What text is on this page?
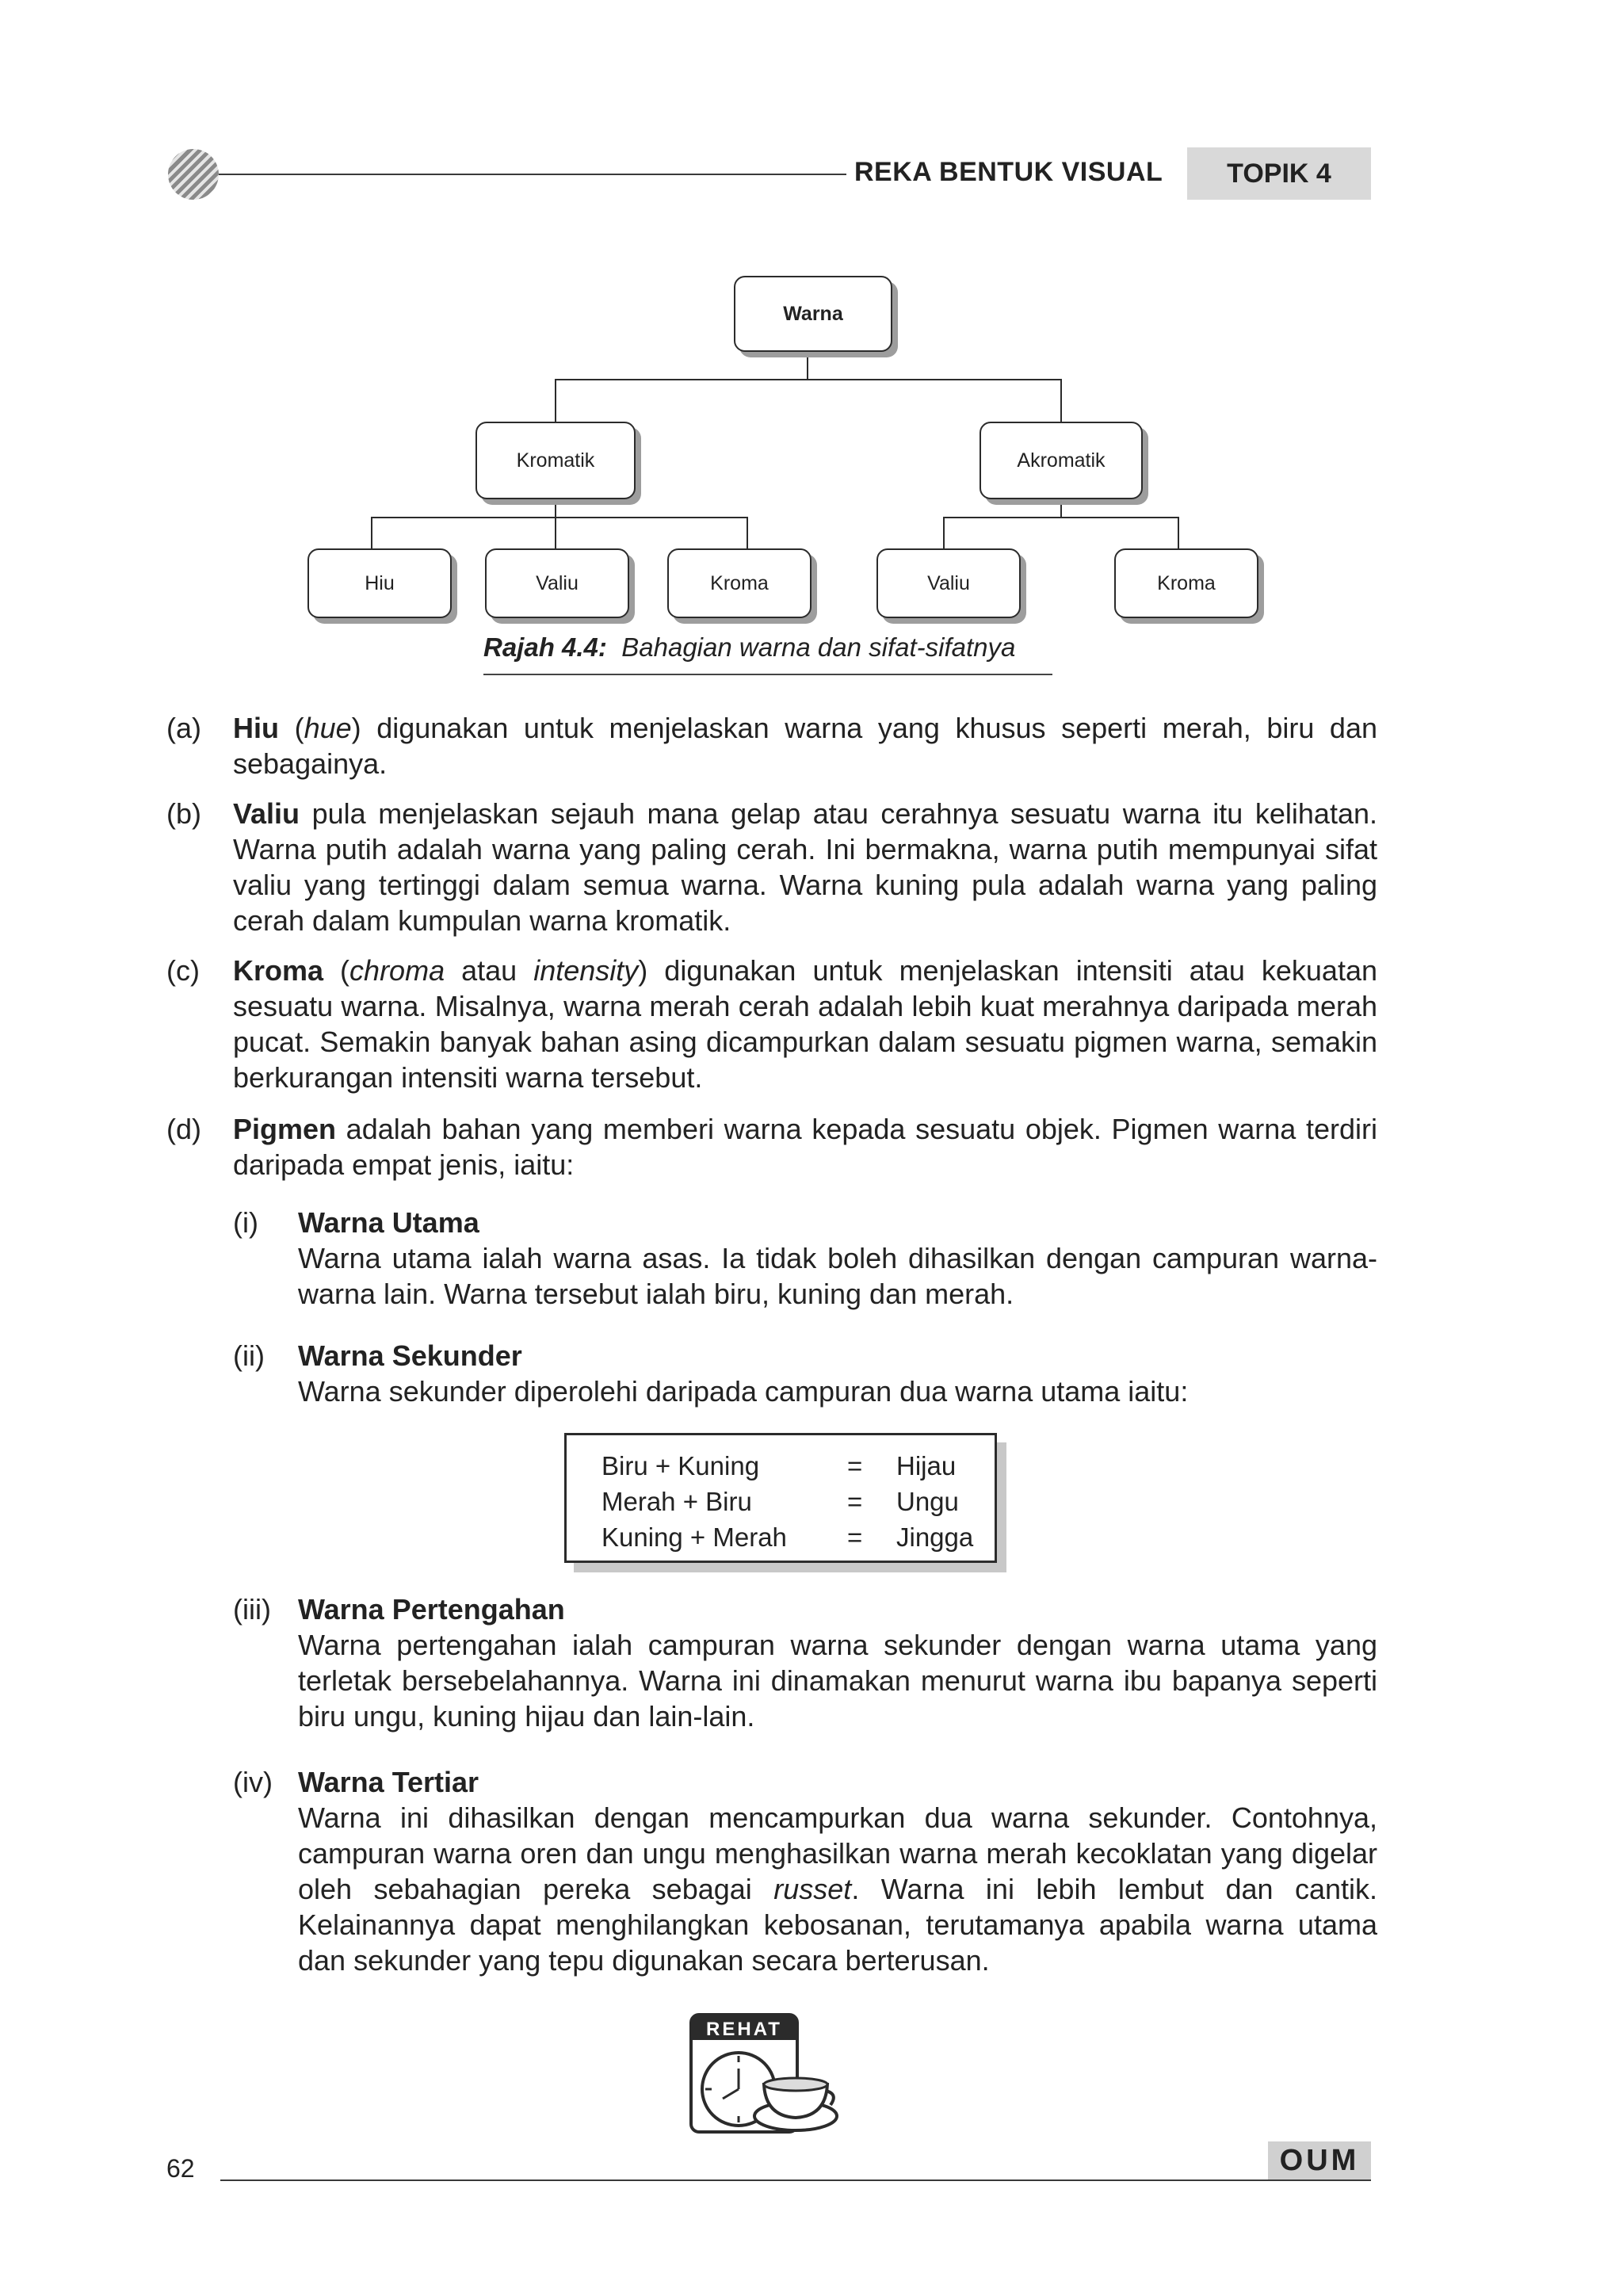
REKA BENTUK VISUAL	TOPIK 4
Warna
Kromatik	Akromatik
Hiu	Valiu	Kroma	Valiu	Kroma
Rajah 4.4: Bahagian warna dan sifat-sifatnya
(a) Hiu (hue) digunakan untuk menjelaskan warna yang khusus seperti merah, biru dan sebagainya.
(b) Valiu pula menjelaskan sejauh mana gelap atau cerahnya sesuatu warna itu kelihatan. Warna putih adalah warna yang paling cerah. Ini bermakna, warna putih mempunyai sifat valiu yang tertinggi dalam semua warna. Warna kuning pula adalah warna yang paling cerah dalam kumpulan warna kromatik.
(c) Kroma (chroma atau intensity) digunakan untuk menjelaskan intensiti atau kekuatan sesuatu warna. Misalnya, warna merah cerah adalah lebih kuat merahnya daripada merah pucat. Semakin banyak bahan asing dicampurkan dalam sesuatu pigmen warna, semakin berkurangan intensiti warna tersebut.
(d) Pigmen adalah bahan yang memberi warna kepada sesuatu objek. Pigmen warna terdiri daripada empat jenis, iaitu:
(i) Warna Utama
Warna utama ialah warna asas. Ia tidak boleh dihasilkan dengan campuran warna-warna lain. Warna tersebut ialah biru, kuning dan merah.
(ii) Warna Sekunder
Warna sekunder diperolehi daripada campuran dua warna utama iaitu:
Biru + Kuning	= Hijau
Merah + Biru	= Ungu
Kuning + Merah = Jingga
(iii) Warna Pertengahan
Warna pertengahan ialah campuran warna sekunder dengan warna utama yang terletak bersebelahannya. Warna ini dinamakan menurut warna ibu bapanya seperti biru ungu, kuning hijau dan lain-lain.
(iv) Warna Tertiar
Warna ini dihasilkan dengan mencampurkan dua warna sekunder. Contohnya, campuran warna oren dan ungu menghasilkan warna merah kecoklatan yang digelar oleh sebahagian pereka sebagai russet. Warna ini lebih lembut dan cantik. Kelainannya dapat menghilangkan kebosanan, terutamanya apabila warna utama dan sekunder yang tepu digunakan secara berterusan.
REHAT
62	OUM
